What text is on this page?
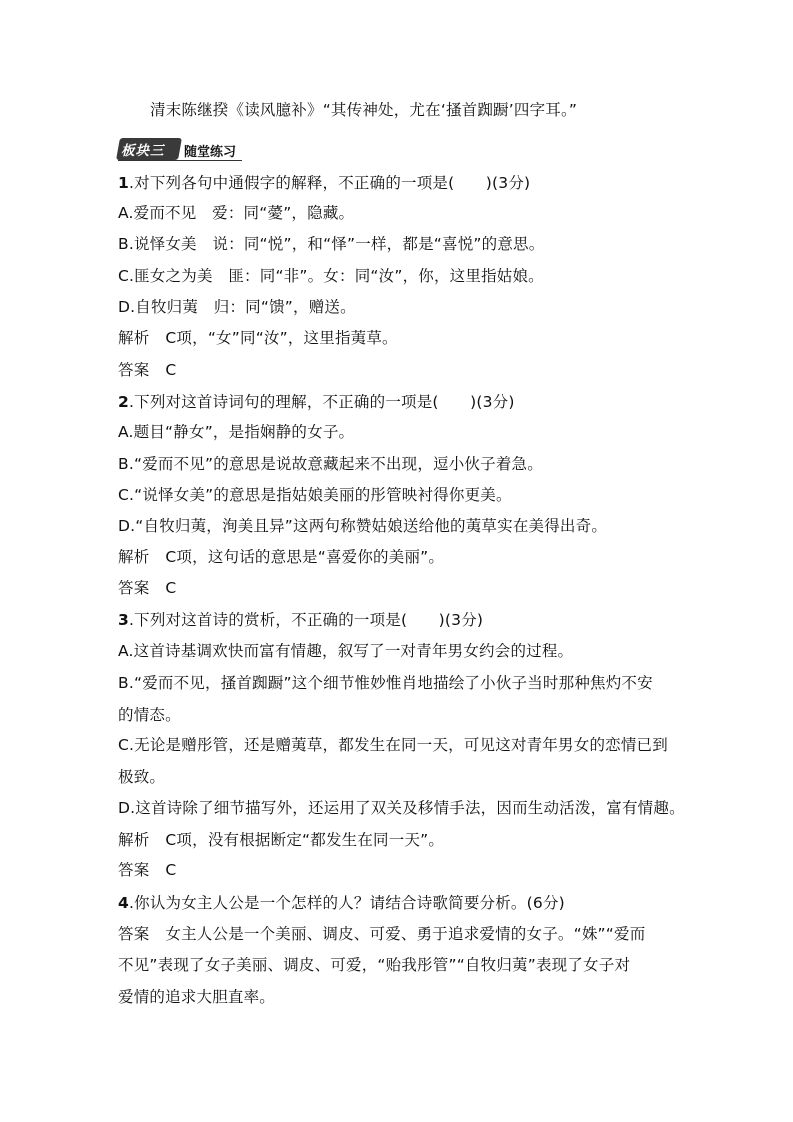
清末陈继揆《读风臆补》“其传神处，尤在‘搔首踟蹰’四字耳。”
板块三 随堂练习
1.对下列各句中通假字的解释，不正确的一项是(　　)(3分)
A.爱而不见　爱：同“薆”，隐藏。
B.说怿女美　说：同“悦”，和“怿”一样，都是“喜悦”的意思。
C.匪女之为美　匪：同“非”。女：同“汝”，你，这里指姑娘。
D.自牧归荑　归：同“馈”，赠送。
解析 C项，“女”同“汝”，这里指荑草。
答案 C
2.下列对这首诗词句的理解，不正确的一项是(　　)(3分)
A.题目“静女”，是指娴静的女子。
B.“爱而不见”的意思是说故意藏起来不出现，逗小伙子着急。
C.“说怿女美”的意思是指姑娘美丽的彤管映衬得你更美。
D.“自牧归荑，洵美且异”这两句称赞姑娘送给他的荑草实在美得出奇。
解析 C项，这句话的意思是“喜爱你的美丽”。
答案 C
3.下列对这首诗的赏析，不正确的一项是(　　)(3分)
A.这首诗基调欢快而富有情趣，叙写了一对青年男女约会的过程。
B.“爱而不见，搔首踟蹰”这个细节惟妙惟肖地描绘了小伙子当时那种焦灼不安
的情态。
C.无论是赠彤管，还是赠荑草，都发生在同一天，可见这对青年男女的恋情已到
极致。
D.这首诗除了细节描写外，还运用了双关及移情手法，因而生动活泼，富有情趣。
解析 C项，没有根据断定“都发生在同一天”。
答案 C
4.你认为女主人公是一个怎样的人？请结合诗歌简要分析。(6分)
答案 女主人公是一个美丽、调皮、可爱、勇于追求爱情的女子。“姝”“爱而
不见”表现了女子美丽、调皮、可爱，“贻我彤管”“自牧归荑”表现了女子对
爱情的追求大胆直率。
